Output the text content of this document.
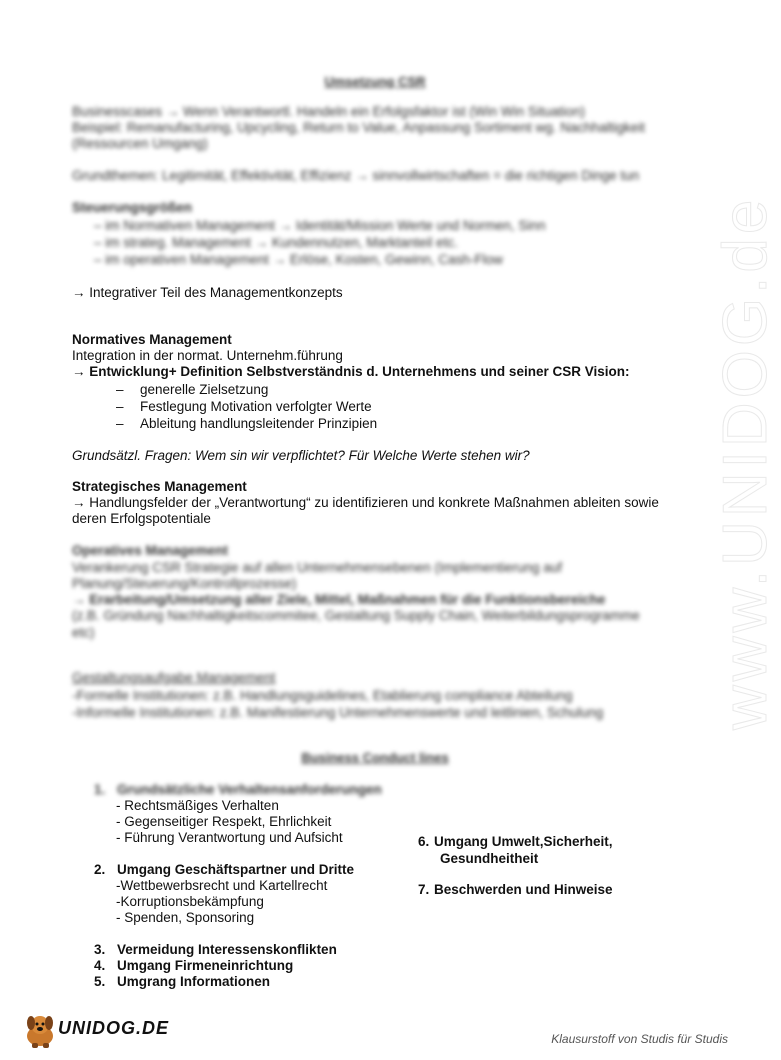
www.UNIDOG.de
Umsetzung CSR
Businesscases → Wenn Verantwortl. Handeln ein Erfolgsfaktor ist (Win Win Situation)
Beispiel: Remanufacturing, Upcycling, Return to Value, Anpassung Sortiment wg. Nachhaltigkeit
(Ressourcen Umgang)
Grundthemen: Legitimität, Effektivität, Effizienz → sinnvollwirtschaften = die richtigen Dinge tun
Steuerungsgrößen
– im Normativen Management → Identität/Mission Werte und Normen, Sinn
– im strateg. Management → Kundennutzen, Marktanteil etc.
– im operativen Management → Erlöse, Kosten, Gewinn, Cash-Flow
→ Integrativer Teil des Managementkonzepts
Normatives Management
Integration in der normat. Unternehm.führung
→ Entwicklung+ Definition Selbstverständnis d. Unternehmens und seiner CSR Vision:
– generelle Zielsetzung
– Festlegung Motivation verfolgter Werte
– Ableitung handlungsleitender Prinzipien
Grundsätzl. Fragen: Wem sin wir verpflichtet? Für Welche Werte stehen wir?
Strategisches Management
→ Handlungsfelder der „Verantwortung“ zu identifizieren und konkrete Maßnahmen ableiten sowie
deren Erfolgspotentiale
Operatives Management
Verankerung CSR Strategie auf allen Unternehmensebenen (Implementierung auf
Planung/Steuerung/Kontrollprozesse)
→ Erarbeitung/Umsetzung aller Ziele, Mittel, Maßnahmen für die Funktionsbereiche
(z.B. Gründung Nachhaltigkeitscommitee, Gestaltung Supply Chain, Weiterbildungsprogramme
etc)
Gestaltungsaufgabe Management
-Formelle Institutionen: z.B. Handlungsguidelines, Etablierung compliance Abteilung
-Informelle Institutionen: z.B. Manifestierung Unternehmenswerte und leitlinien, Schulung
Business Conduct lines
1. Grundsätzliche Verhaltensanforderungen
- Rechtsmäßiges Verhalten
- Gegenseitiger Respekt, Ehrlichkeit
- Führung Verantwortung und Aufsicht
2. Umgang Geschäftspartner und Dritte
-Wettbewerbsrecht und Kartellrecht
-Korruptionsbekämpfung
- Spenden, Sponsoring
3. Vermeidung Interessenskonflikten
4. Umgang Firmeneinrichtung
5. Umgrang Informationen
6. Umgang Umwelt,Sicherheit,
Gesundheitheit
7. Beschwerden und Hinweise
UNIDOG.DE
Klausurstoff von Studis für Studis
